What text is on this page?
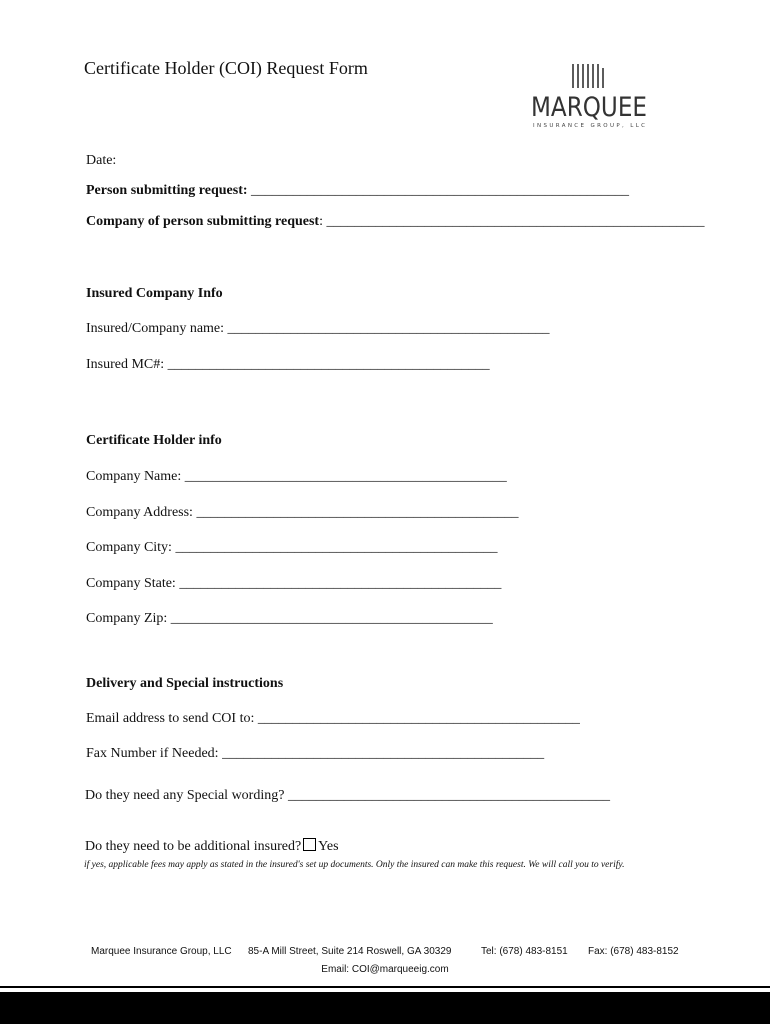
Certificate Holder (COI) Request Form
MARQUEE
INSURANCE GROUP, LLC
Date:
Person submitting request: ______________________________________________________
Company of person submitting request: ______________________________________________________
Insured Company Info
Insured/Company name: ______________________________________________
Insured MC#: ______________________________________________
Certificate Holder info
Company Name: ______________________________________________
Company Address: ______________________________________________
Company City: ______________________________________________
Company State: ______________________________________________
Company Zip: ______________________________________________
Delivery and Special instructions
Email address to send COI to: ______________________________________________
Fax Number if Needed: ______________________________________________
Do they need any Special wording? ______________________________________________
Do they need to be additional insured? Yes
if yes, applicable fees may apply as stated in the insured's set up documents. Only the insured can make this request. We will call you to verify.
Marquee Insurance Group, LLC 85-A Mill Street, Suite 214 Roswell, GA 30329	Tel: (678) 483-8151 Fax: (678) 483-8152
Email: COI@marqueeig.com
